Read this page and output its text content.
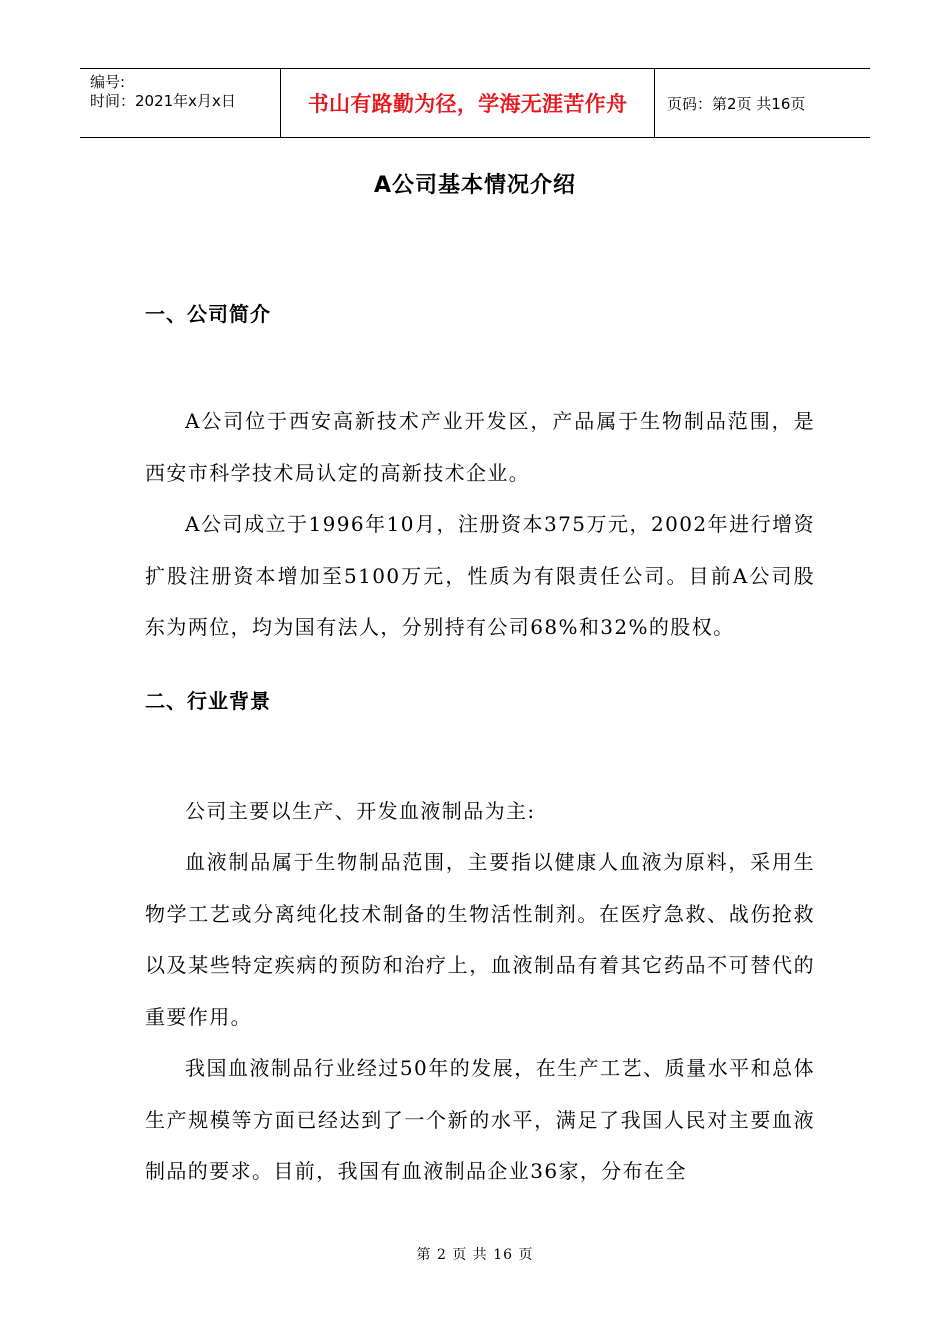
编号:
时间：2021年x月x日	书山有路勤为径，学海无涯苦作舟	页码：第2页 共16页
A公司基本情况介绍
一、公司简介
A公司位于西安高新技术产业开发区，产品属于生物制品范围，是西安市科学技术局认定的高新技术企业。
A公司成立于1996年10月，注册资本375万元，2002年进行增资扩股注册资本增加至5100万元，性质为有限责任公司。目前A公司股东为两位，均为国有法人，分别持有公司68%和32%的股权。
二、行业背景
公司主要以生产、开发血液制品为主:
血液制品属于生物制品范围，主要指以健康人血液为原料，采用生物学工艺或分离纯化技术制备的生物活性制剂。在医疗急救、战伤抢救以及某些特定疾病的预防和治疗上，血液制品有着其它药品不可替代的重要作用。
我国血液制品行业经过50年的发展，在生产工艺、质量水平和总体生产规模等方面已经达到了一个新的水平，满足了我国人民对主要血液制品的要求。目前，我国有血液制品企业36家，分布在全
第 2 页 共 16 页
